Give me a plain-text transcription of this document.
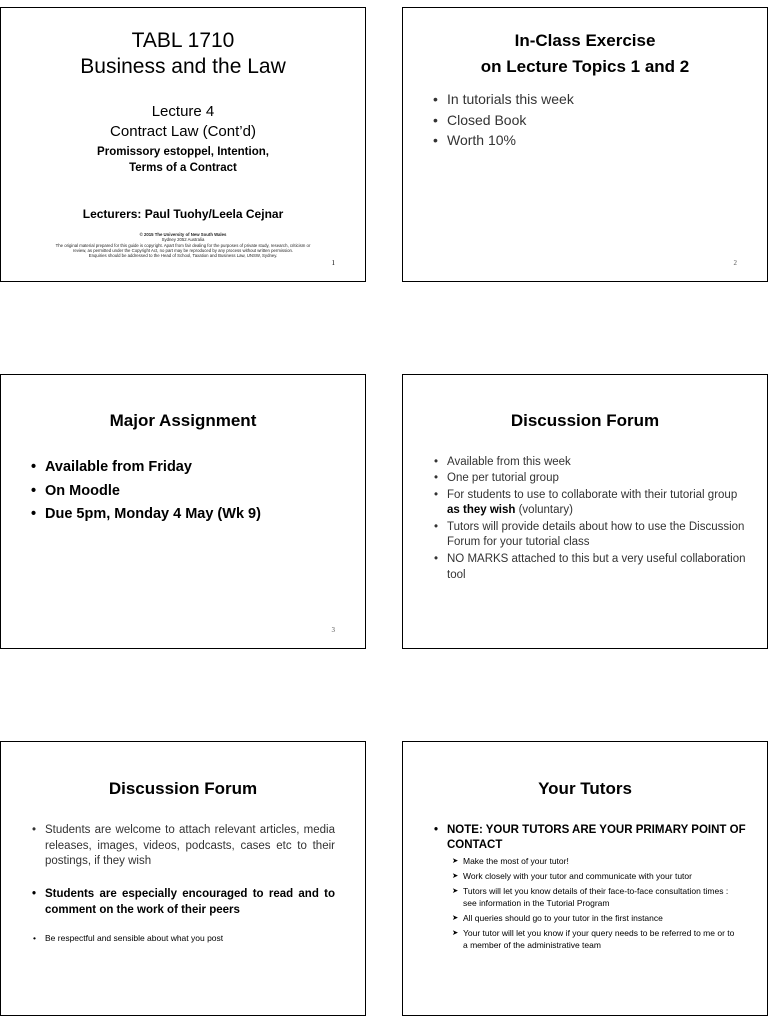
TABL 1710
Business and the Law
Lecture 4
Contract Law (Cont’d)
Promissory estoppel, Intention,
Terms of a Contract
Lecturers: Paul Tuohy/Leela Cejnar
© 2015 The University of New South Wales
Sydney 2052 Australia
The original material prepared for this guide is copyright. Apart from fair dealing for the purposes of private study, research, criticism or
review, as permitted under the Copyright Act, no part may be reproduced by any process without written permission.
Enquiries should be addressed to the Head of School, Taxation and Business Law, UNSW, Sydney.
1
In-Class Exercise
on Lecture Topics 1 and 2
• In tutorials this week
• Closed Book
• Worth 10%
2
Major Assignment
• Available from Friday
• On Moodle
• Due 5pm, Monday 4 May (Wk 9)
3
Discussion Forum
• Available from this week
• One per tutorial group
• For students to use to collaborate with their tutorial group as they wish (voluntary)
• Tutors will provide details about how to use the Discussion Forum for your tutorial class
• NO MARKS attached to this but a very useful collaboration tool
Discussion Forum
• Students are welcome to attach relevant articles, media releases, images, videos, podcasts, cases etc to their postings, if they wish
• Students are especially encouraged to read and to comment on the work of their peers
• Be respectful and sensible about what you post
Your Tutors
• NOTE: YOUR TUTORS ARE YOUR PRIMARY POINT OF CONTACT
➤ Make the most of your tutor!
➤ Work closely with your tutor and communicate with your tutor
➤ Tutors will let you know details of their face-to-face consultation times : see information in the Tutorial Program
➤ All queries should go to your tutor in the first instance
➤ Your tutor will let you know if your query needs to be referred to me or to a member of the administrative team
